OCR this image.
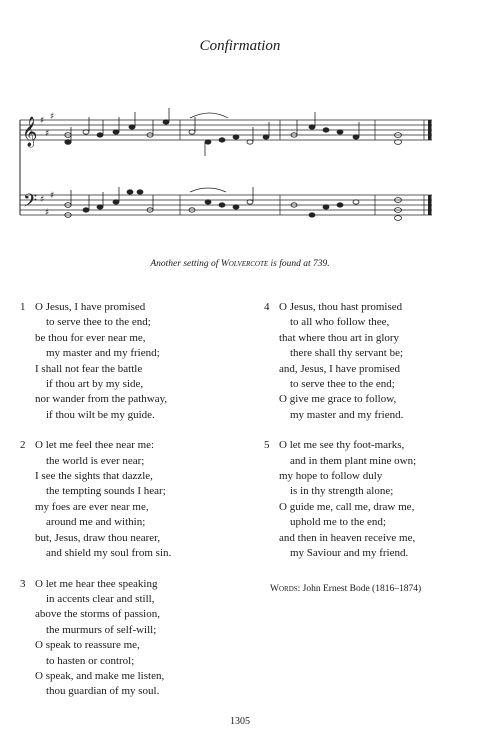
Confirmation
𝄞
𝄢
♯
♯
♯
♯
♯
♯
Another setting of Wolvercote is found at 739.
1 O Jesus, I have promised
to serve thee to the end;
be thou for ever near me,
my master and my friend;
I shall not fear the battle
if thou art by my side,
nor wander from the pathway,
if thou wilt be my guide.
2 O let me feel thee near me:
the world is ever near;
I see the sights that dazzle,
the tempting sounds I hear;
my foes are ever near me,
around me and within;
but, Jesus, draw thou nearer,
and shield my soul from sin.
3 O let me hear thee speaking
in accents clear and still,
above the storms of passion,
the murmurs of self-will;
O speak to reassure me,
to hasten or control;
O speak, and make me listen,
thou guardian of my soul.
4 O Jesus, thou hast promised
to all who follow thee,
that where thou art in glory
there shall thy servant be;
and, Jesus, I have promised
to serve thee to the end;
O give me grace to follow,
my master and my friend.
5 O let me see thy foot-marks,
and in them plant mine own;
my hope to follow duly
is in thy strength alone;
O guide me, call me, draw me,
uphold me to the end;
and then in heaven receive me,
my Saviour and my friend.
Words: John Ernest Bode (1816–1874)
1305
